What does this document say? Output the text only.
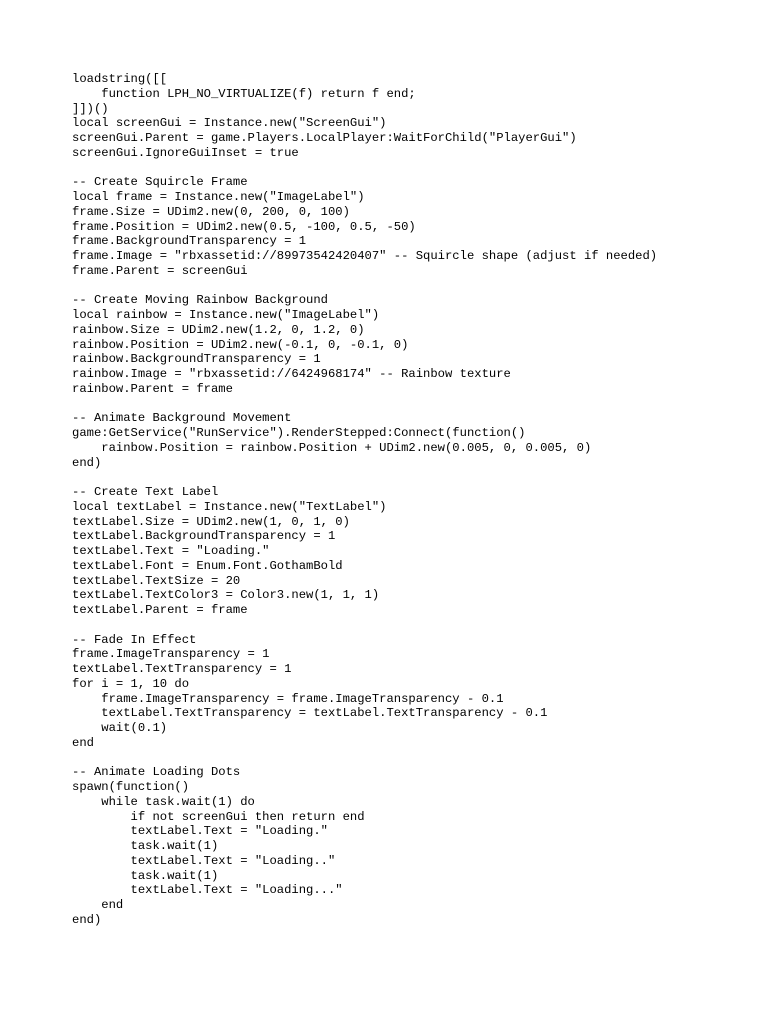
loadstring([[
function LPH_NO_VIRTUALIZE(f) return f end;
]])()
local screenGui = Instance.new("ScreenGui")
screenGui.Parent = game.Players.LocalPlayer:WaitForChild("PlayerGui")
screenGui.IgnoreGuiInset = true
-- Create Squircle Frame
local frame = Instance.new("ImageLabel")
frame.Size = UDim2.new(0, 200, 0, 100)
frame.Position = UDim2.new(0.5, -100, 0.5, -50)
frame.BackgroundTransparency = 1
frame.Image = "rbxassetid://89973542420407" -- Squircle shape (adjust if needed)
frame.Parent = screenGui
-- Create Moving Rainbow Background
local rainbow = Instance.new("ImageLabel")
rainbow.Size = UDim2.new(1.2, 0, 1.2, 0)
rainbow.Position = UDim2.new(-0.1, 0, -0.1, 0)
rainbow.BackgroundTransparency = 1
rainbow.Image = "rbxassetid://6424968174" -- Rainbow texture
rainbow.Parent = frame
-- Animate Background Movement
game:GetService("RunService").RenderStepped:Connect(function()
rainbow.Position = rainbow.Position + UDim2.new(0.005, 0, 0.005, 0)
end)
-- Create Text Label
local textLabel = Instance.new("TextLabel")
textLabel.Size = UDim2.new(1, 0, 1, 0)
textLabel.BackgroundTransparency = 1
textLabel.Text = "Loading."
textLabel.Font = Enum.Font.GothamBold
textLabel.TextSize = 20
textLabel.TextColor3 = Color3.new(1, 1, 1)
textLabel.Parent = frame
-- Fade In Effect
frame.ImageTransparency = 1
textLabel.TextTransparency = 1
for i = 1, 10 do
frame.ImageTransparency = frame.ImageTransparency - 0.1
textLabel.TextTransparency = textLabel.TextTransparency - 0.1
wait(0.1)
end
-- Animate Loading Dots
spawn(function()
while task.wait(1) do
if not screenGui then return end
textLabel.Text = "Loading."
task.wait(1)
textLabel.Text = "Loading.."
task.wait(1)
textLabel.Text = "Loading..."
end
end)
